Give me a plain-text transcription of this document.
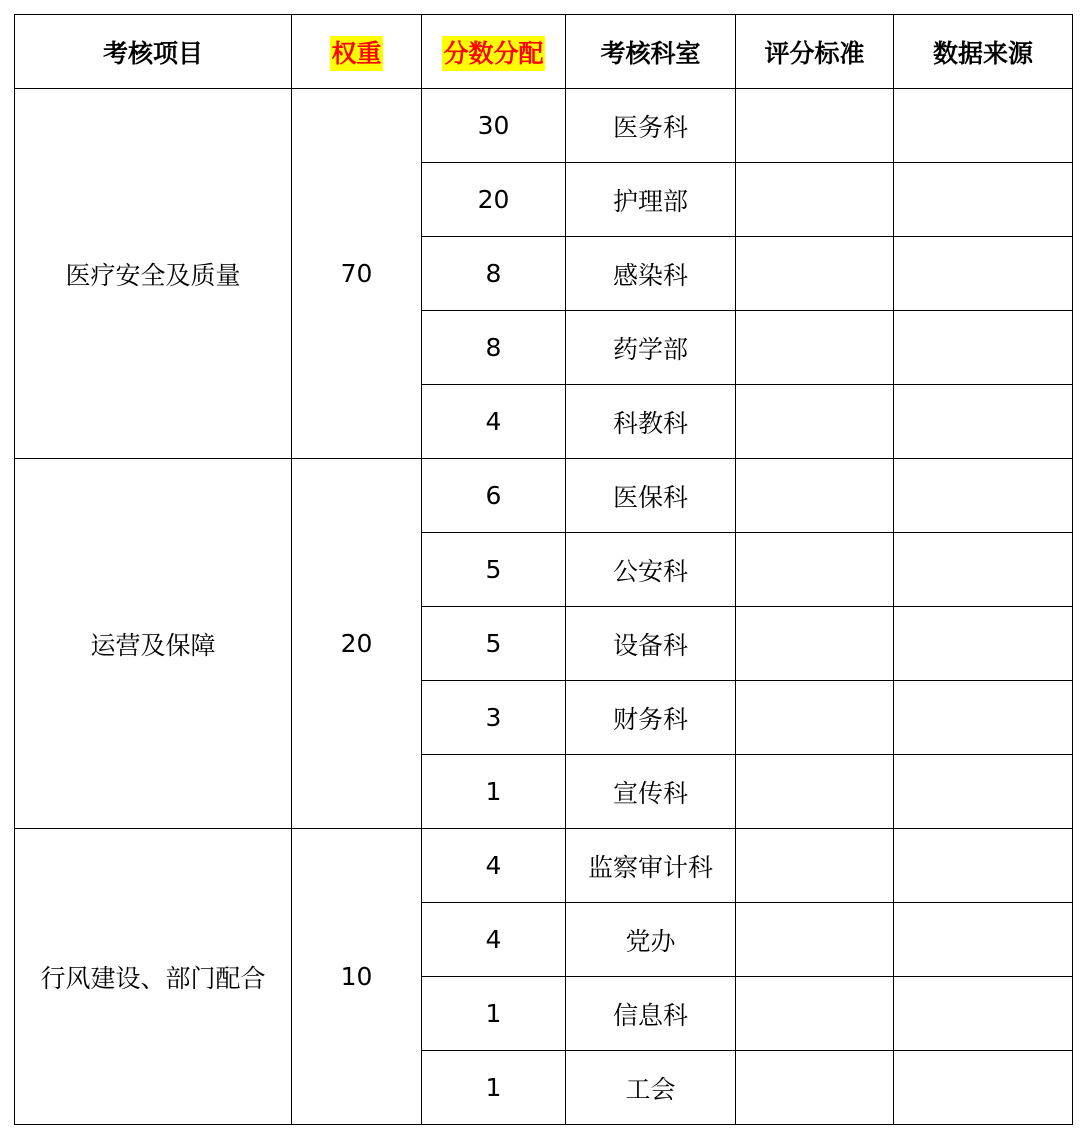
考核项目	权重	分数分配	考核科室	评分标准	数据来源
医疗安全及质量	70	30	医务科		
		20	护理部		
		8	感染科		
		8	药学部		
		4	科教科		
运营及保障	20	6	医保科		
		5	公安科		
		5	设备科		
		3	财务科		
		1	宣传科		
行风建设、部门配合	10	4	监察审计科		
		4	党办		
		1	信息科		
		1	工会		
